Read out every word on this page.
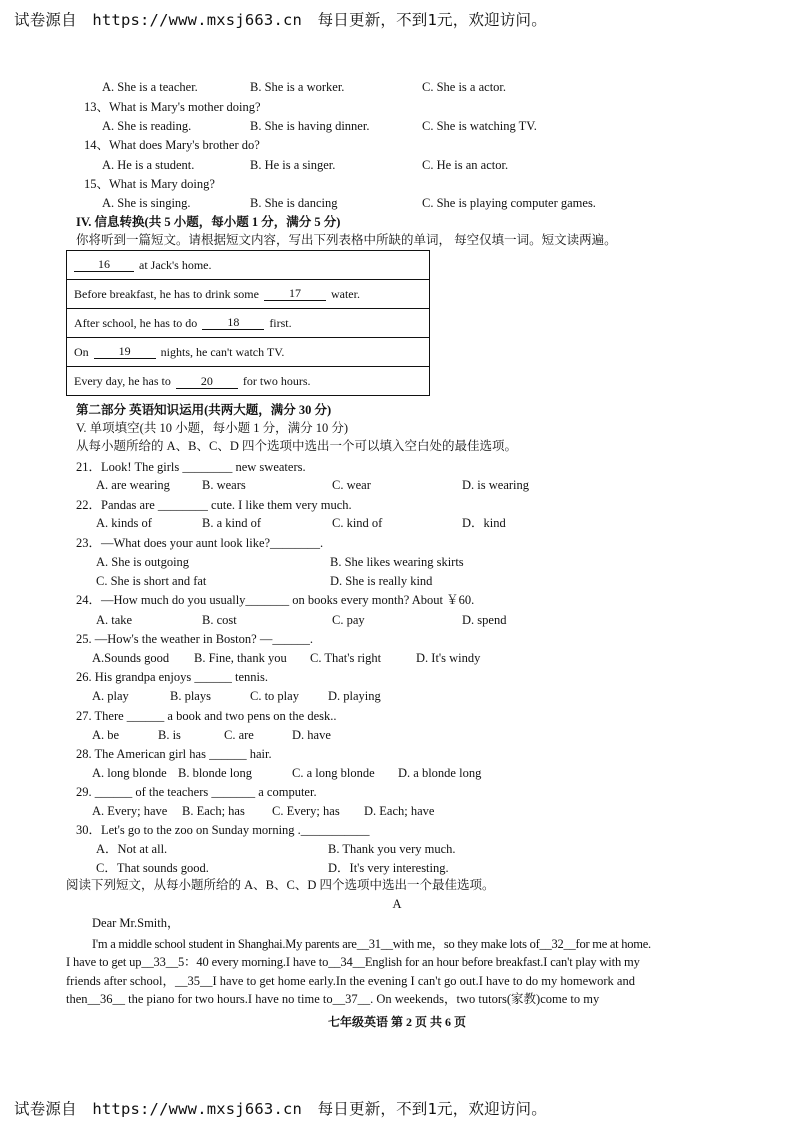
试卷源自 https://www.mxsj663.cn 每日更新，不到1元，欢迎访问。
A. She is a teacher.	B. She is a worker.	C. She is a actor.
13、What is Mary's mother doing?
A. She is reading.	B. She is having dinner.	C. She is watching TV.
14、What does Mary's brother do?
A. He is a student.	B. He is a singer.	C. He is an actor.
15、What is Mary doing?
A. She is singing.	B. She is dancing	C. She is playing computer games.
IV. 信息转换(共 5 小题，每小题 1 分，满分 5 分)
你将听到一篇短文。请根据短文内容，写出下列表格中所缺的单词， 每空仅填一词。短文读两遍。
16	at Jack's home.
Before breakfast, he has to drink some	17	water.
After school, he has to do	18	first.
On	19	nights, he can't watch TV.
Every day, he has to	20	for two hours.
第二部分 英语知识运用(共两大题，满分 30 分)
V. 单项填空(共 10 小题，每小题 1 分，满分 10 分)
从每小题所给的 A、B、C、D 四个选项中选出一个可以填入空白处的最佳选项。
21．Look! The girls ________ new sweaters.
A. are wearing	B. wears	C. wear	D. is wearing
22．Pandas are ________ cute. I like them very much.
A. kinds of	B. a kind of	C. kind of	D．kind
23．—What does your aunt look like?________.
A. She is outgoing	B. She likes wearing skirts
C. She is short and fat	D. She is really kind
24．—How much do you usually_______ on books every month? About ￥60.
A. take	B. cost	C. pay	D. spend
25. —How's the weather in Boston? —______.
A.Sounds good B. Fine, thank you C. That's right	D. It's windy
26. His grandpa enjoys ______ tennis.
A. play	B. plays	C. to play D. playing
27. There ______ a book and two pens on the desk..
A. be	B. is	C. are	D. have
28. The American girl has ______ hair.
A. long blonde B. blonde long	C. a long blonde D. a blonde long
29. ______ of the teachers _______ a computer.
A. Every; have B. Each; has C. Every; has D. Each; have
30．Let's go to the zoo on Sunday morning .___________
A．Not at all.	B. Thank you very much.
C．That sounds good.	D．It's very interesting.
阅读下列短文，从每小题所给的 A、B、C、D 四个选项中选出一个最佳选项。
A
Dear Mr.Smith，
I'm a middle school student in Shanghai.My parents are__31__with me，so they make lots of__32__for me at home.
I have to get up__33__5：40 every morning.I have to__34__English for an hour before breakfast.I can't play with my
friends after school，__35__I have to get home early.In the evening I can't go out.I have to do my homework and
then__36__ the piano for two hours.I have no time to__37__. On weekends，two tutors(家教)come to my
七年级英语 第 2 页 共 6 页
试卷源自 https://www.mxsj663.cn 每日更新，不到1元，欢迎访问。
